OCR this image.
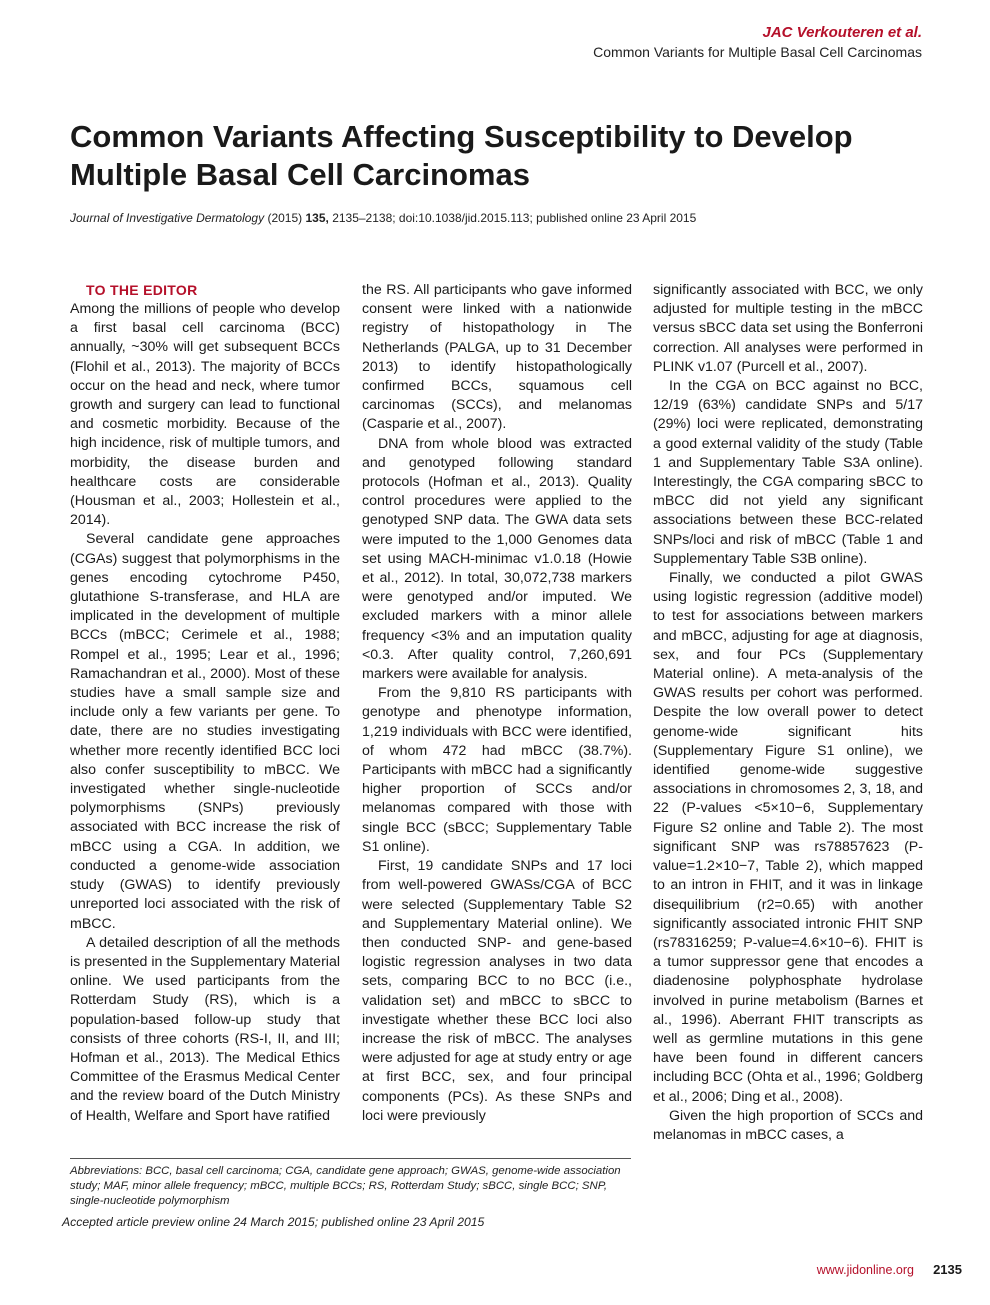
JAC Verkouteren et al.
Common Variants for Multiple Basal Cell Carcinomas
Common Variants Affecting Susceptibility to Develop Multiple Basal Cell Carcinomas
Journal of Investigative Dermatology (2015) 135, 2135–2138; doi:10.1038/jid.2015.113; published online 23 April 2015

TO THE EDITOR

Among the millions of people who develop a first basal cell carcinoma (BCC) annually, ~30% will get subsequent BCCs (Flohil et al., 2013). The majority of BCCs occur on the head and neck, where tumor growth and surgery can lead to functional and cosmetic morbidity. Because of the high incidence, risk of multiple tumors, and morbidity, the disease burden and healthcare costs are considerable (Housman et al., 2003; Hollestein et al., 2014).

Several candidate gene approaches (CGAs) suggest that polymorphisms in the genes encoding cytochrome P450, glutathione S-transferase, and HLA are implicated in the development of multiple BCCs (mBCC; Cerimele et al., 1988; Rompel et al., 1995; Lear et al., 1996; Ramachandran et al., 2000). Most of these studies have a small sample size and include only a few variants per gene. To date, there are no studies investigating whether more recently identified BCC loci also confer susceptibility to mBCC. We investigated whether single-nucleotide polymorphisms (SNPs) previously associated with BCC increase the risk of mBCC using a CGA. In addition, we conducted a genome-wide association study (GWAS) to identify previously unreported loci associated with the risk of mBCC.

A detailed description of all the methods is presented in the Supplementary Material online. We used participants from the Rotterdam Study (RS), which is a population-based follow-up study that consists of three cohorts (RS-I, II, and III; Hofman et al., 2013). The Medical Ethics Committee of the Erasmus Medical Center and the review board of the Dutch Ministry of Health, Welfare and Sport have ratified

the RS. All participants who gave informed consent were linked with a nationwide registry of histopathology in The Netherlands (PALGA, up to 31 December 2013) to identify histopathologically confirmed BCCs, squamous cell carcinomas (SCCs), and melanomas (Casparie et al., 2007).

DNA from whole blood was extracted and genotyped following standard protocols (Hofman et al., 2013). Quality control procedures were applied to the genotyped SNP data. The GWA data sets were imputed to the 1,000 Genomes data set using MACH-minimac v1.0.18 (Howie et al., 2012). In total, 30,072,738 markers were genotyped and/or imputed. We excluded markers with a minor allele frequency <3% and an imputation quality <0.3. After quality control, 7,260,691 markers were available for analysis.

From the 9,810 RS participants with genotype and phenotype information, 1,219 individuals with BCC were identified, of whom 472 had mBCC (38.7%). Participants with mBCC had a significantly higher proportion of SCCs and/or melanomas compared with those with single BCC (sBCC; Supplementary Table S1 online).

First, 19 candidate SNPs and 17 loci from well-powered GWASs/CGA of BCC were selected (Supplementary Table S2 and Supplementary Material online). We then conducted SNP- and gene-based logistic regression analyses in two data sets, comparing BCC to no BCC (i.e., validation set) and mBCC to sBCC to investigate whether these BCC loci also increase the risk of mBCC. The analyses were adjusted for age at study entry or age at first BCC, sex, and four principal components (PCs). As these SNPs and loci were previously

significantly associated with BCC, we only adjusted for multiple testing in the mBCC versus sBCC data set using the Bonferroni correction. All analyses were performed in PLINK v1.07 (Purcell et al., 2007).

In the CGA on BCC against no BCC, 12/19 (63%) candidate SNPs and 5/17 (29%) loci were replicated, demonstrating a good external validity of the study (Table 1 and Supplementary Table S3A online). Interestingly, the CGA comparing sBCC to mBCC did not yield any significant associations between these BCC-related SNPs/loci and risk of mBCC (Table 1 and Supplementary Table S3B online).

Finally, we conducted a pilot GWAS using logistic regression (additive model) to test for associations between markers and mBCC, adjusting for age at diagnosis, sex, and four PCs (Supplementary Material online). A meta-analysis of the GWAS results per cohort was performed. Despite the low overall power to detect genome-wide significant hits (Supplementary Figure S1 online), we identified genome-wide suggestive associations in chromosomes 2, 3, 18, and 22 (P-values <5×10−6, Supplementary Figure S2 online and Table 2). The most significant SNP was rs78857623 (P-value=1.2×10−7, Table 2), which mapped to an intron in FHIT, and it was in linkage disequilibrium (r2=0.65) with another significantly associated intronic FHIT SNP (rs78316259; P-value=4.6×10−6). FHIT is a tumor suppressor gene that encodes a diadenosine polyphosphate hydrolase involved in purine metabolism (Barnes et al., 1996). Aberrant FHIT transcripts as well as germline mutations in this gene have been found in different cancers including BCC (Ohta et al., 1996; Goldberg et al., 2006; Ding et al., 2008).

Given the high proportion of SCCs and melanomas in mBCC cases, a

Abbreviations: BCC, basal cell carcinoma; CGA, candidate gene approach; GWAS, genome-wide association study; MAF, minor allele frequency; mBCC, multiple BCCs; RS, Rotterdam Study; sBCC, single BCC; SNP, single-nucleotide polymorphism

Accepted article preview online 24 March 2015; published online 23 April 2015
www.jidonline.org 2135
